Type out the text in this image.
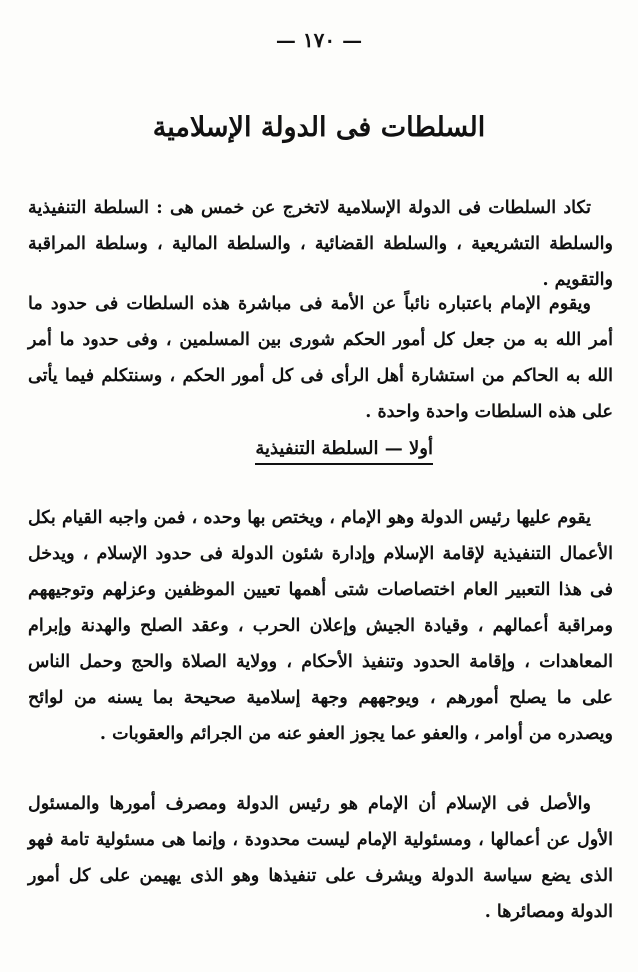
— ١٧٠ —
السلطات فى الدولة الإسلامية

تكاد السلطات فى الدولة الإسلامية لاتخرج عن خمس هى : السلطة التنفيذية والسلطة التشريعية ، والسلطة القضائية ، والسلطة المالية ، وسلطة المراقبة والتقويم .

ويقوم الإمام باعتباره نائباً عن الأمة فى مباشرة هذه السلطات فى حدود ما أمر الله به من جعل كل أمور الحكم شورى بين المسلمين ، وفى حدود ما أمر الله به الحاكم من استشارة أهل الرأى فى كل أمور الحكم ، وسنتكلم فيما يأتى على هذه السلطات واحدة واحدة .

أولا — السلطة التنفيذية

يقوم عليها رئيس الدولة وهو الإمام ، ويختص بها وحده ، فمن واجبه القيام بكل الأعمال التنفيذية لإقامة الإسلام وإدارة شئون الدولة فى حدود الإسلام ، ويدخل فى هذا التعبير العام اختصاصات شتى أهمها تعيين الموظفين وعزلهم وتوجيههم ومراقبة أعمالهم ، وقيادة الجيش وإعلان الحرب ، وعقد الصلح والهدنة وإبرام المعاهدات ، وإقامة الحدود وتنفيذ الأحكام ، وولاية الصلاة والحج وحمل الناس على ما يصلح أمورهم ، ويوجههم وجهة إسلامية صحيحة بما يسنه من لوائح ويصدره من أوامر ، والعفو عما يجوز العفو عنه من الجرائم والعقوبات .

والأصل فى الإسلام أن الإمام هو رئيس الدولة ومصرف أمورها والمسئول الأول عن أعمالها ، ومسئولية الإمام ليست محدودة ، وإنما هى مسئولية تامة فهو الذى يضع سياسة الدولة ويشرف على تنفيذها وهو الذى يهيمن على كل أمور الدولة ومصائرها .
